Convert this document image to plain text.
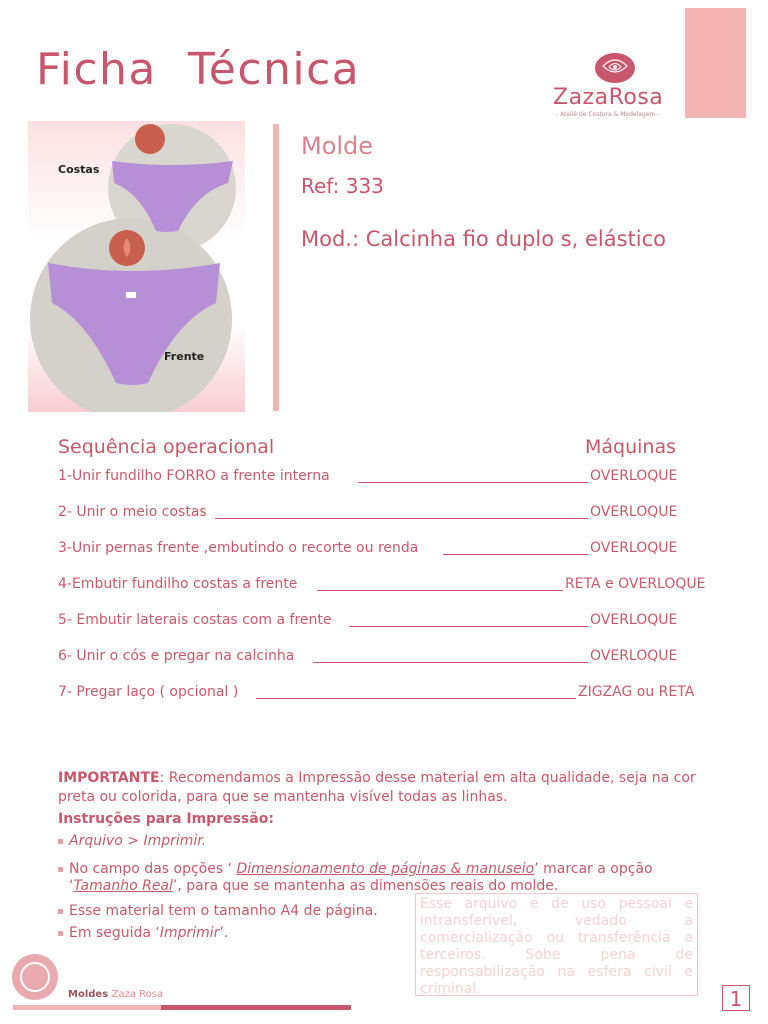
Ficha  Técnica
ZazaRosa
- Ateliê de Costura & Modelagem -
Costas
Frente
Molde
Ref: 333
Mod.: Calcinha fio duplo s, elástico
Sequência operacional	Máquinas
1-Unir fundilho FORRO a frente interna	OVERLOQUE
2- Unir o meio costas	OVERLOQUE
3-Unir pernas frente ,embutindo o recorte ou renda	OVERLOQUE
4-Embutir fundilho costas a frente	RETA e OVERLOQUE
5- Embutir laterais costas com a frente	OVERLOQUE
6- Unir o cós e pregar na calcinha	OVERLOQUE
7- Pregar laço ( opcional )	ZIGZAG ou RETA
IMPORTANTE: Recomendamos a Impressão desse material em alta qualidade, seja na cor preta ou colorida, para que se mantenha visível todas as linhas.
Instruções para Impressão:
Arquivo > Imprimir.
No campo das opções ‘ Dimensionamento de páginas & manuseio’ marcar a opção
‘Tamanho Real’, para que se mantenha as dimensões reais do molde.
Esse material tem o tamanho A4 de página.
Em seguida ‘Imprimir’.
Esse arquivo é de uso pessoal e intransferível, vedado a comercialização ou transferência a terceiros. Sobe pena de responsabilização na esfera civil e criminal.
Moldes Zaza Rosa	1
